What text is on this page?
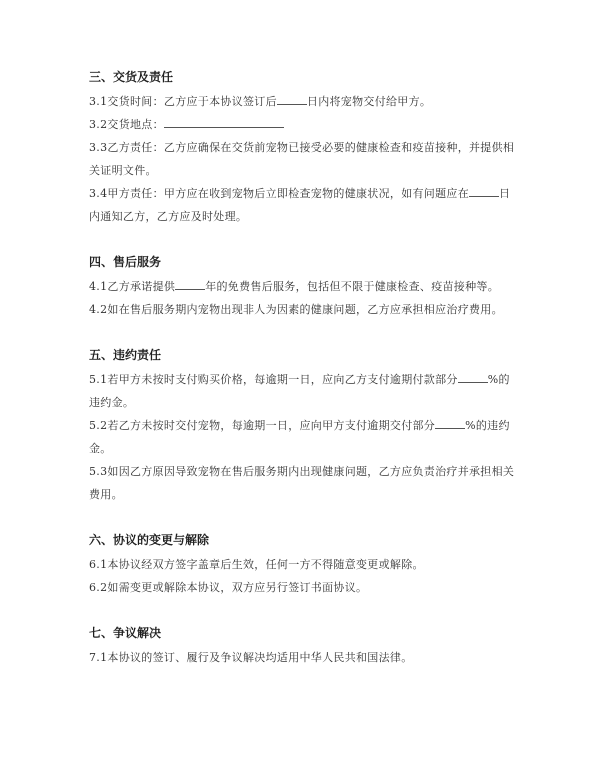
三、交货及责任

3.1交货时间：乙方应于本协议签订后	日内将宠物交付给甲方。

3.2交货地点：

3.3乙方责任：乙方应确保在交货前宠物已接受必要的健康检查和疫苗接种，并提供相关证明文件。

3.4甲方责任：甲方应在收到宠物后立即检查宠物的健康状况，如有问题应在	日内通知乙方，乙方应及时处理。

四、售后服务

4.1乙方承诺提供	年的免费售后服务，包括但不限于健康检查、疫苗接种等。

4.2如在售后服务期内宠物出现非人为因素的健康问题，乙方应承担相应治疗费用。

五、违约责任

5.1若甲方未按时支付购买价格，每逾期一日，应向乙方支付逾期付款部分	%的违约金。

5.2若乙方未按时交付宠物，每逾期一日，应向甲方支付逾期交付部分	%的违约金。

5.3如因乙方原因导致宠物在售后服务期内出现健康问题，乙方应负责治疗并承担相关费用。

六、协议的变更与解除

6.1本协议经双方签字盖章后生效，任何一方不得随意变更或解除。

6.2如需变更或解除本协议，双方应另行签订书面协议。

七、争议解决

7.1本协议的签订、履行及争议解决均适用中华人民共和国法律。
